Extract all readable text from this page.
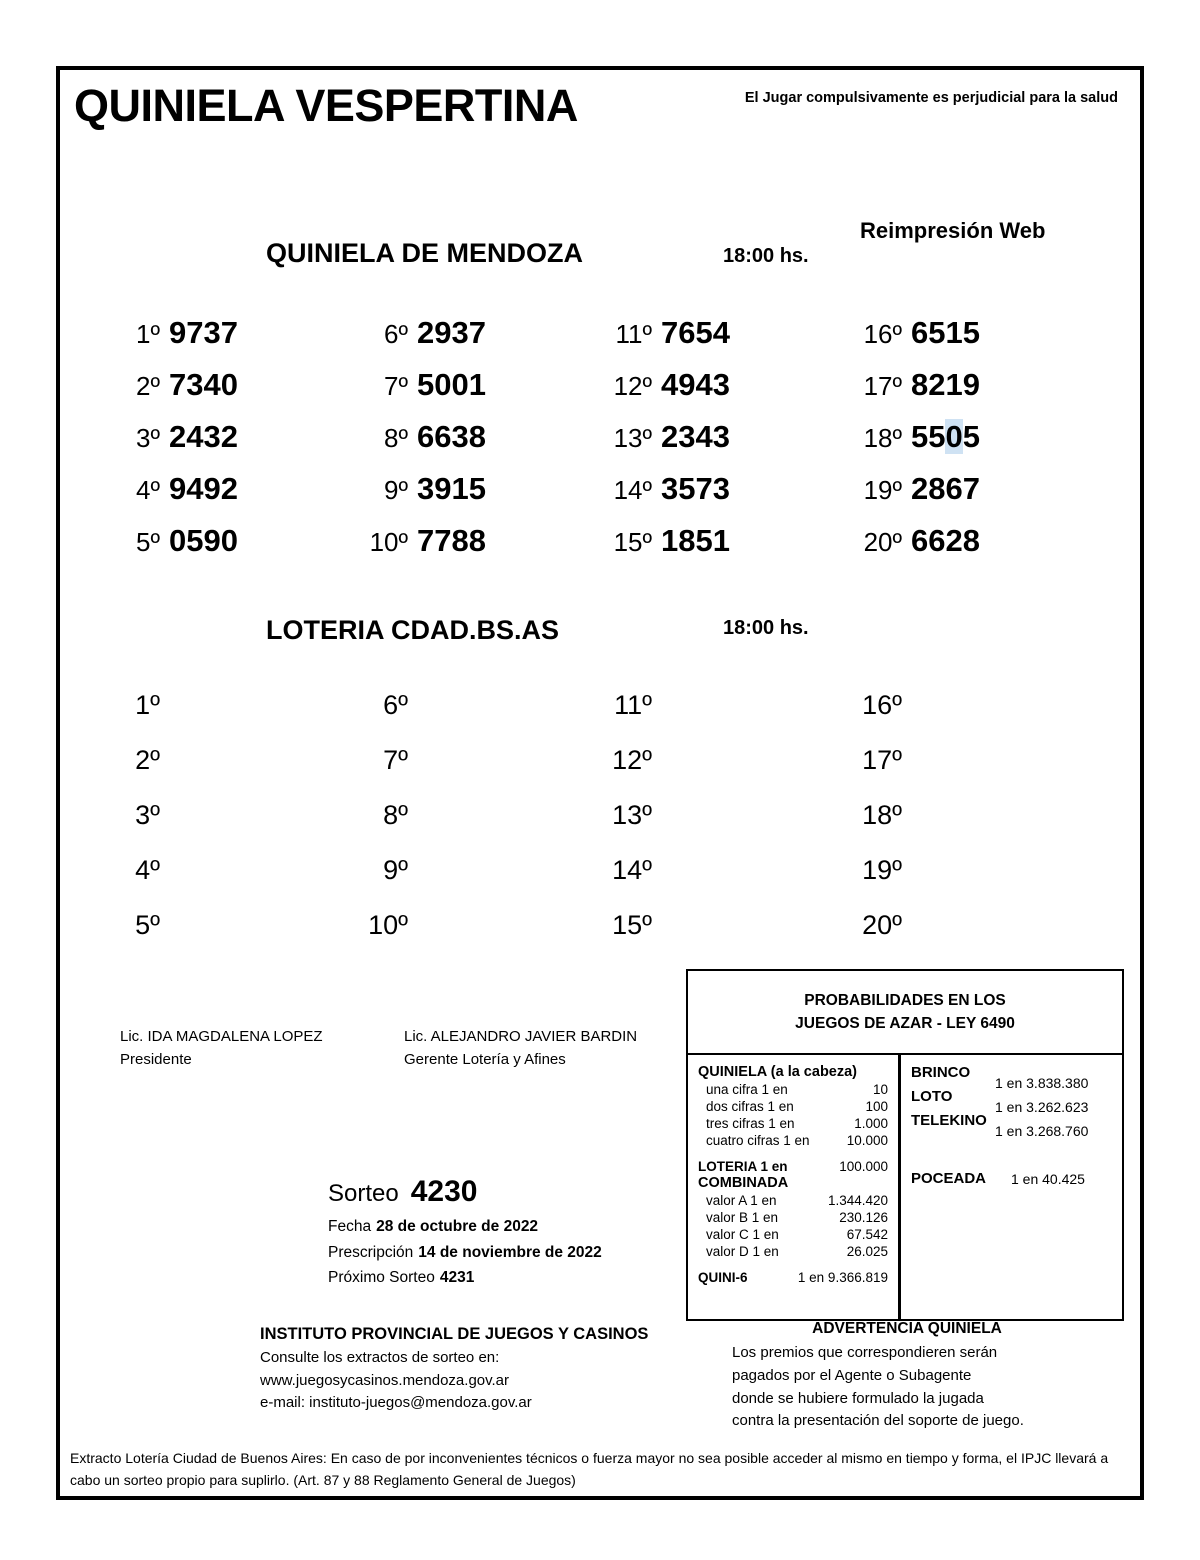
QUINIELA VESPERTINA	El Jugar compulsivamente es perjudicial para la salud
Reimpresión Web
QUINIELA DE MENDOZA	18:00 hs.
1º 9737
2º 7340
3º 2432
4º 9492
5º 0590
6º 2937
7º 5001
8º 6638
9º 3915
10º 7788
11º 7654
12º 4943
13º 2343
14º 3573
15º 1851
16º 6515
17º 8219
18º 5505
19º 2867
20º 6628
LOTERIA CDAD.BS.AS	18:00 hs.
1º
2º
3º
4º
5º
6º
7º
8º
9º
10º
11º
12º
13º
14º
15º
16º
17º
18º
19º
20º
Lic. IDA MAGDALENA LOPEZ
Presidente
Lic. ALEJANDRO JAVIER BARDIN
Gerente Lotería y Afines
Sorteo 4230
Fecha 28 de octubre de 2022
Prescripción 14 de noviembre de 2022
Próximo Sorteo 4231
PROBABILIDADES EN LOS
JUEGOS DE AZAR - LEY 6490
QUINIELA (a la cabeza)
una cifra 1 en	10
dos cifras 1 en	100
tres cifras 1 en	1.000
cuatro cifras 1 en	10.000
LOTERIA 1 en	100.000
COMBINADA
valor A 1 en	1.344.420
valor B 1 en	230.126
valor C 1 en	67.542
valor D 1 en	26.025
QUINI-6	1 en 9.366.819
BRINCO
1 en 3.838.380
LOTO
1 en 3.262.623
TELEKINO
1 en 3.268.760
POCEADA 1 en 40.425
INSTITUTO PROVINCIAL DE JUEGOS Y CASINOS
Consulte los extractos de sorteo en:
www.juegosycasinos.mendoza.gov.ar
e-mail: instituto-juegos@mendoza.gov.ar
ADVERTENCIA QUINIELA
Los premios que correspondieren serán
pagados por el Agente o Subagente
donde se hubiere formulado la jugada
contra la presentación del soporte de juego.
Extracto Lotería Ciudad de Buenos Aires: En caso de por inconvenientes técnicos o fuerza mayor no sea posible acceder al mismo en tiempo y forma, el IPJC llevará a cabo un sorteo propio para suplirlo. (Art. 87 y 88 Reglamento General de Juegos)
